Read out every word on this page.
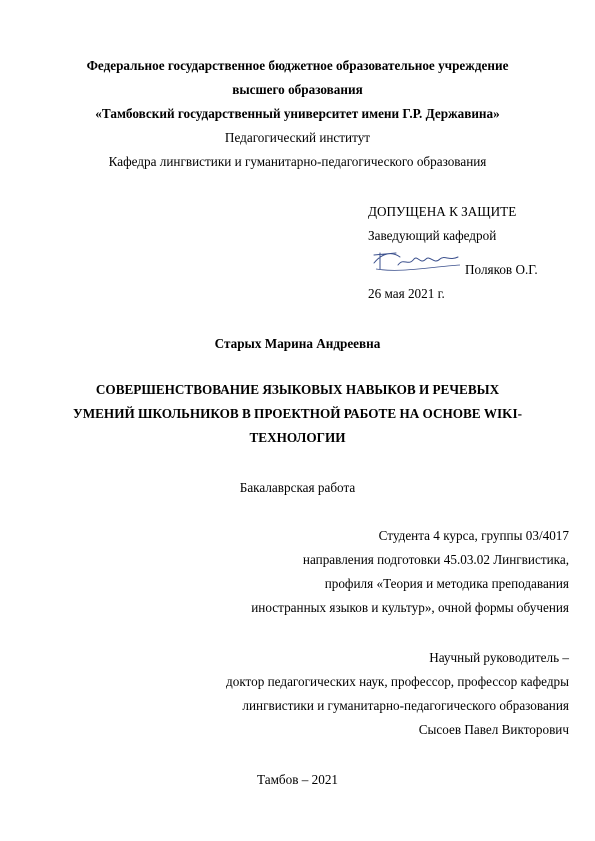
Федеральное государственное бюджетное образовательное учреждение
высшего образования
«Тамбовский государственный университет имени Г.Р. Державина»
Педагогический институт
Кафедра лингвистики и гуманитарно-педагогического образования
ДОПУЩЕНА К ЗАЩИТЕ
Заведующий кафедрой
Поляков О.Г.
26 мая 2021 г.
Старых Марина Андреевна
СОВЕРШЕНСТВОВАНИЕ ЯЗЫКОВЫХ НАВЫКОВ И РЕЧЕВЫХ
УМЕНИЙ ШКОЛЬНИКОВ В ПРОЕКТНОЙ РАБОТЕ НА ОСНОВЕ WIKI-
ТЕХНОЛОГИИ
Бакалаврская работа
Студента 4 курса, группы 03/4017
направления подготовки 45.03.02 Лингвистика,
профиля «Теория и методика преподавания
иностранных языков и культур», очной формы обучения
Научный руководитель –
доктор педагогических наук, профессор, профессор кафедры
лингвистики и гуманитарно-педагогического образования
Сысоев Павел Викторович
Тамбов – 2021
